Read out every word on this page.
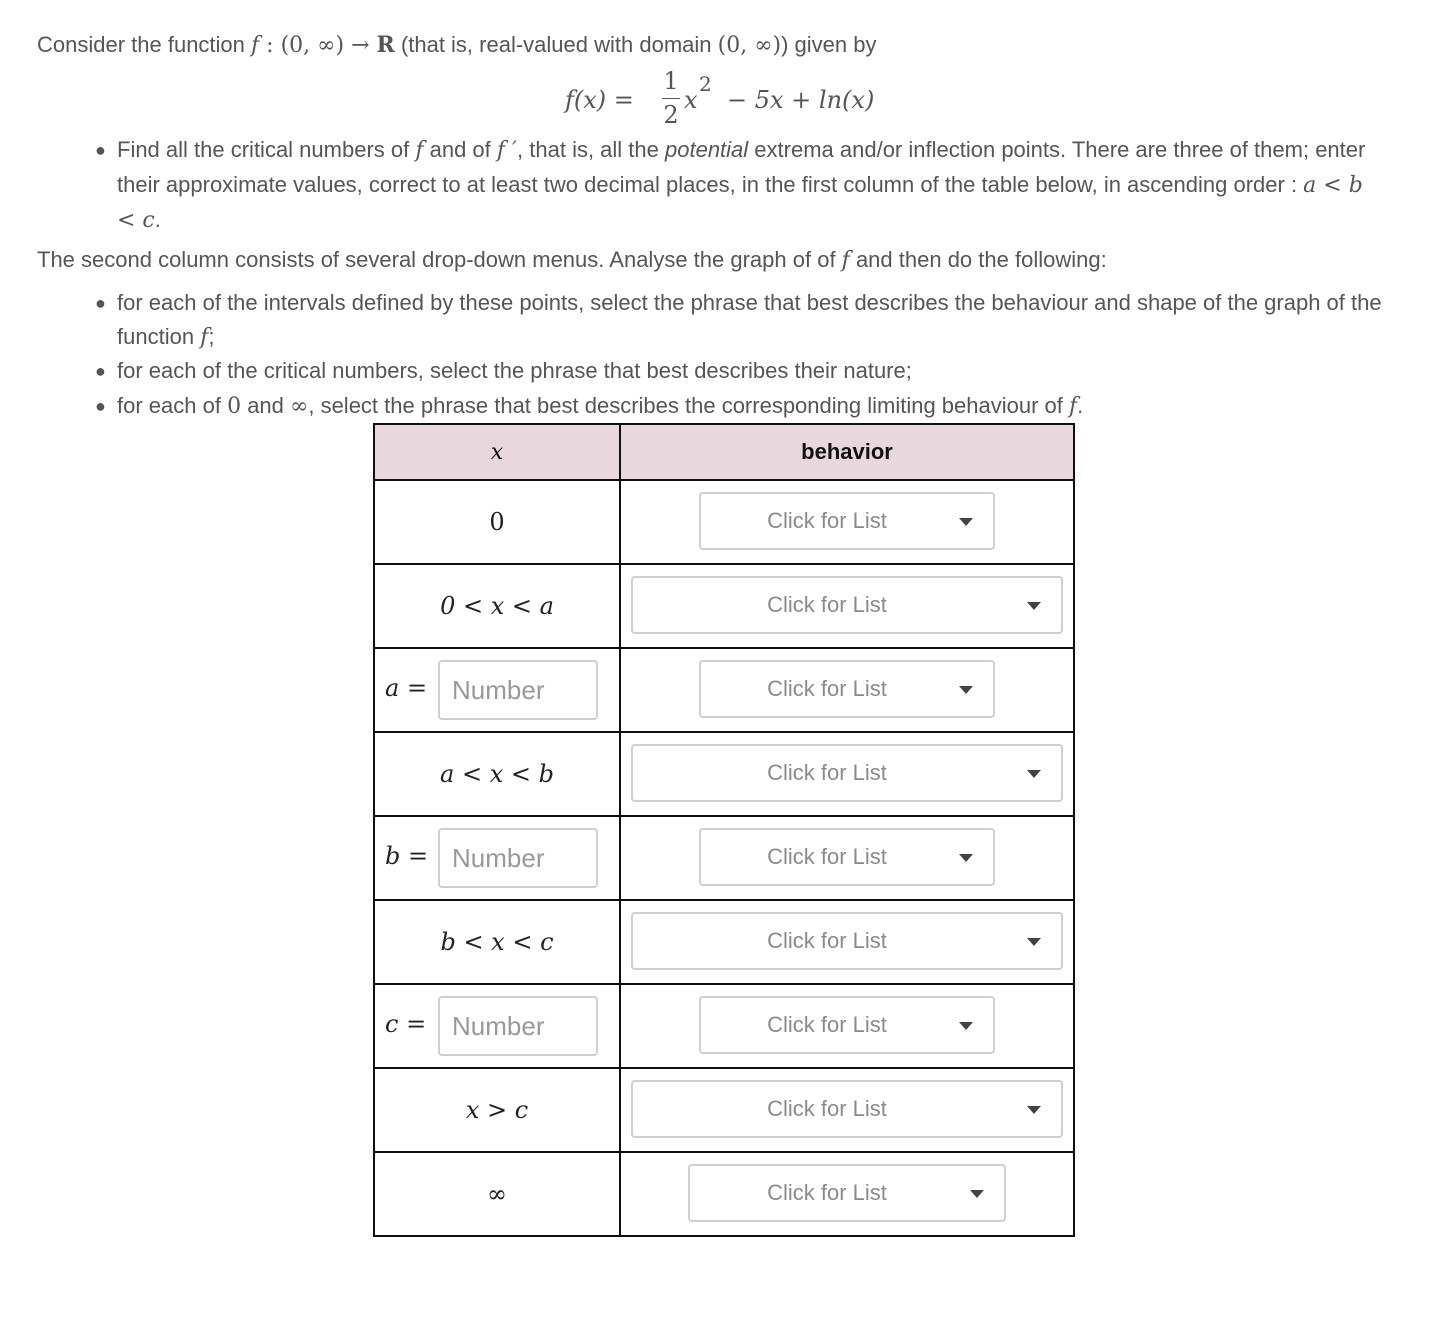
Consider the function f : (0, ∞) → R (that is, real-valued with domain (0, ∞)) given by
f(x) =
1
2
x
2
− 5x + ln(x)
● Find all the critical numbers of f and of f ′, that is, all the potential extrema and/or inflection points. There are three of them; enter their approximate values, correct to at least two decimal places, in the first column of the table below, in ascending order : a < b < c.
The second column consists of several drop-down menus. Analyse the graph of of f and then do the following:
● for each of the intervals defined by these points, select the phrase that best describes the behaviour and shape of the graph of the function f;
● for each of the critical numbers, select the phrase that best describes their nature;
● for each of 0 and ∞, select the phrase that best describes the corresponding limiting behaviour of f.
x	behavior
0	Click for List

0 < x < a	Click for List

a =
Number	Click for List

a < x < b	Click for List

b =
Number	Click for List

b < x < c	Click for List

c =
Number	Click for List

x > c	Click for List

∞	Click for List
